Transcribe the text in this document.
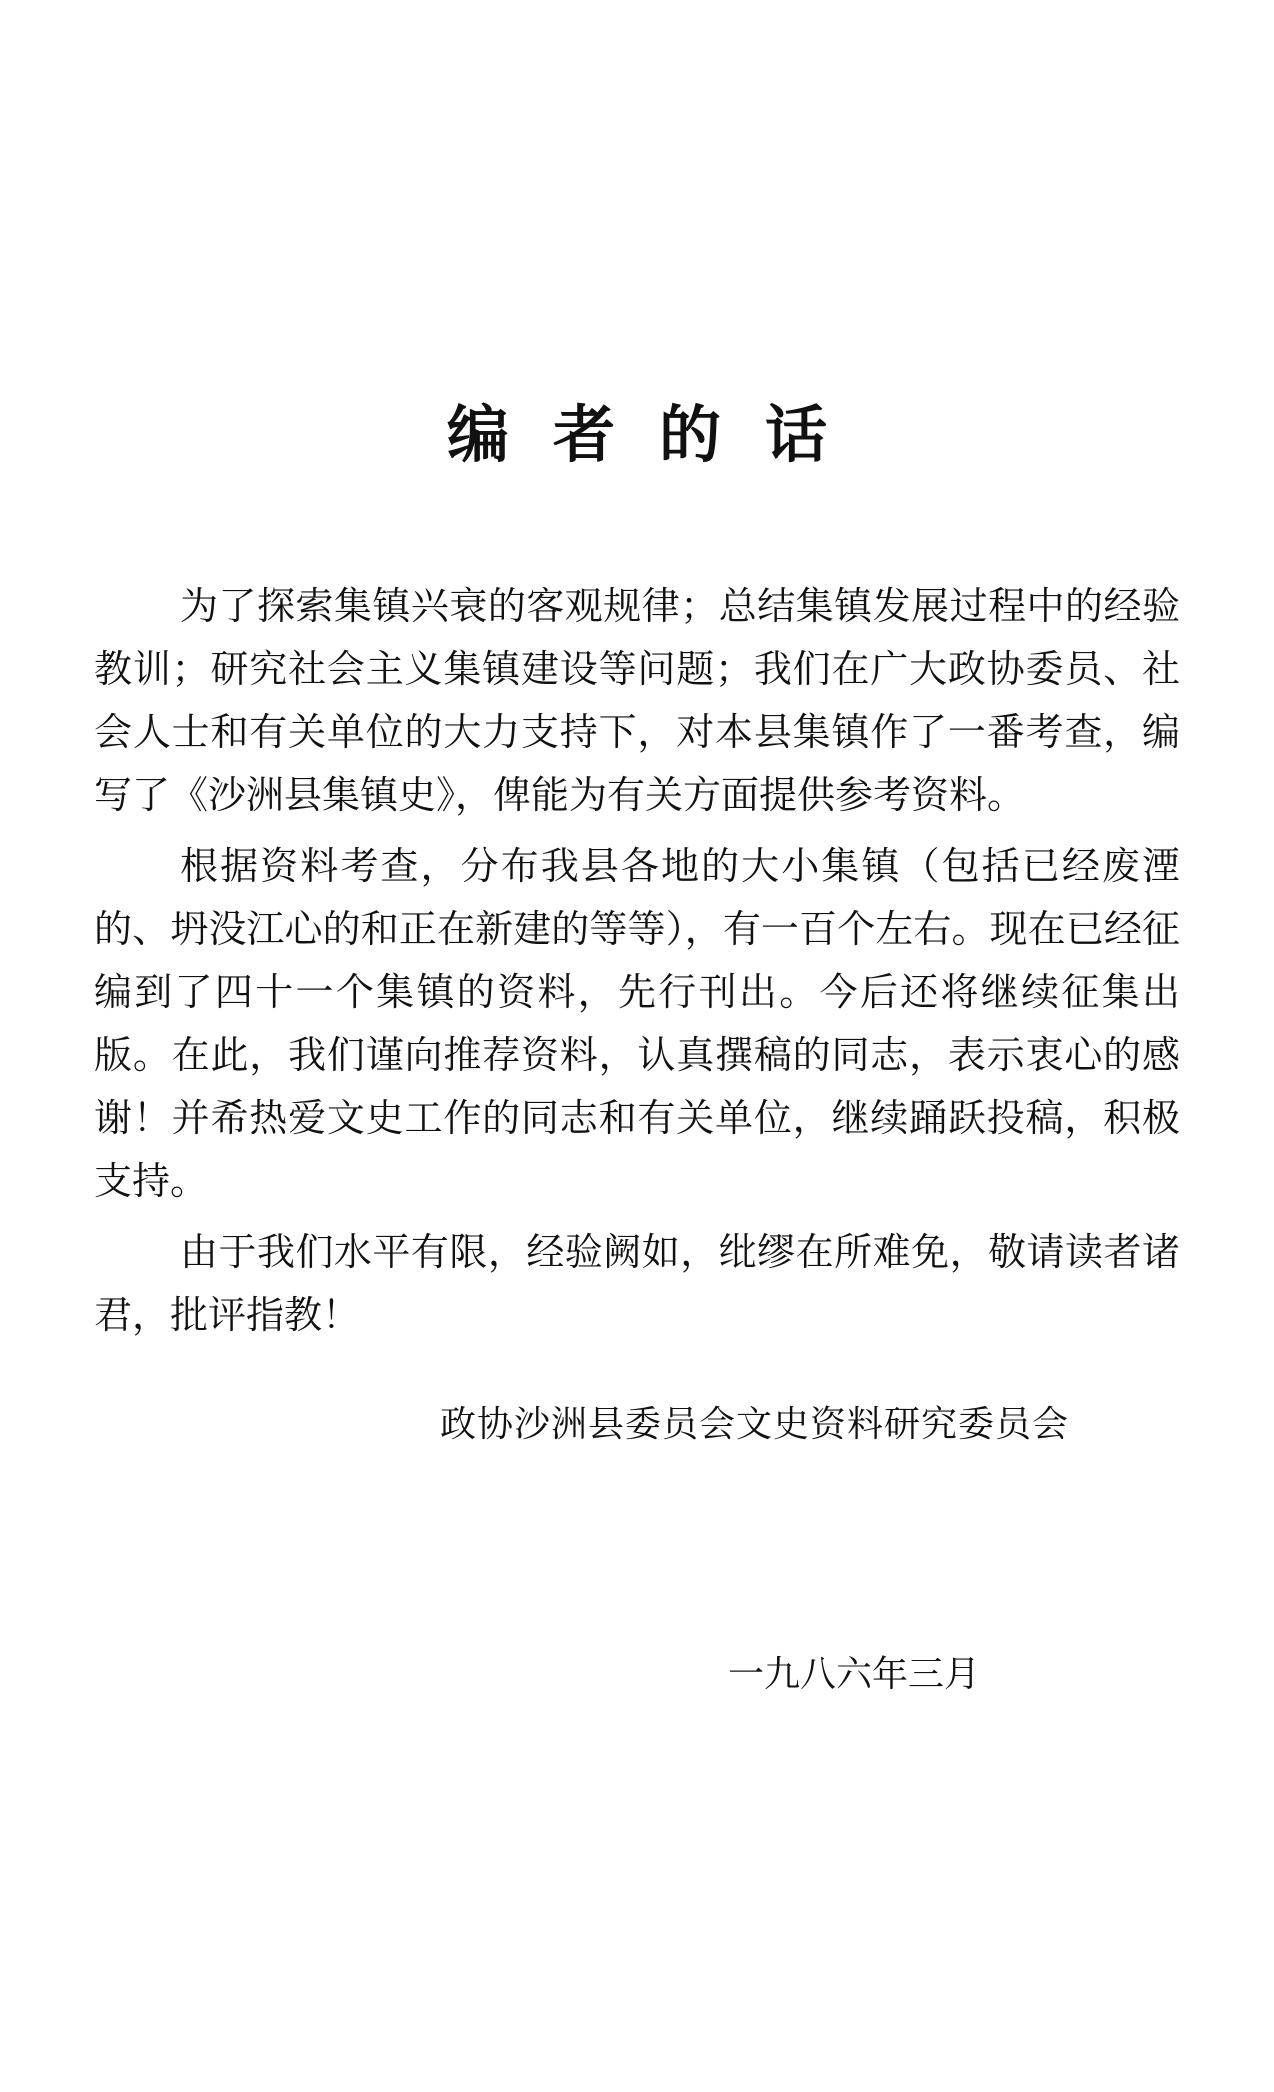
编者的话

为了探索集镇兴衰的客观规律；总结集镇发展过程中的经验教训；研究社会主义集镇建设等问题；我们在广大政协委员、社会人士和有关单位的大力支持下，对本县集镇作了一番考查，编写了《沙洲县集镇史》，俾能为有关方面提供参考资料。

根据资料考查，分布我县各地的大小集镇（包括已经废湮的、坍没江心的和正在新建的等等），有一百个左右。现在已经征编到了四十一个集镇的资料，先行刊出。今后还将继续征集出版。在此，我们谨向推荐资料，认真撰稿的同志，表示衷心的感谢！并希热爱文史工作的同志和有关单位，继续踊跃投稿，积极支持。

由于我们水平有限，经验阙如，纰缪在所难免，敬请读者诸君，批评指教！

政协沙洲县委员会文史资料研究委员会
一九八六年三月
